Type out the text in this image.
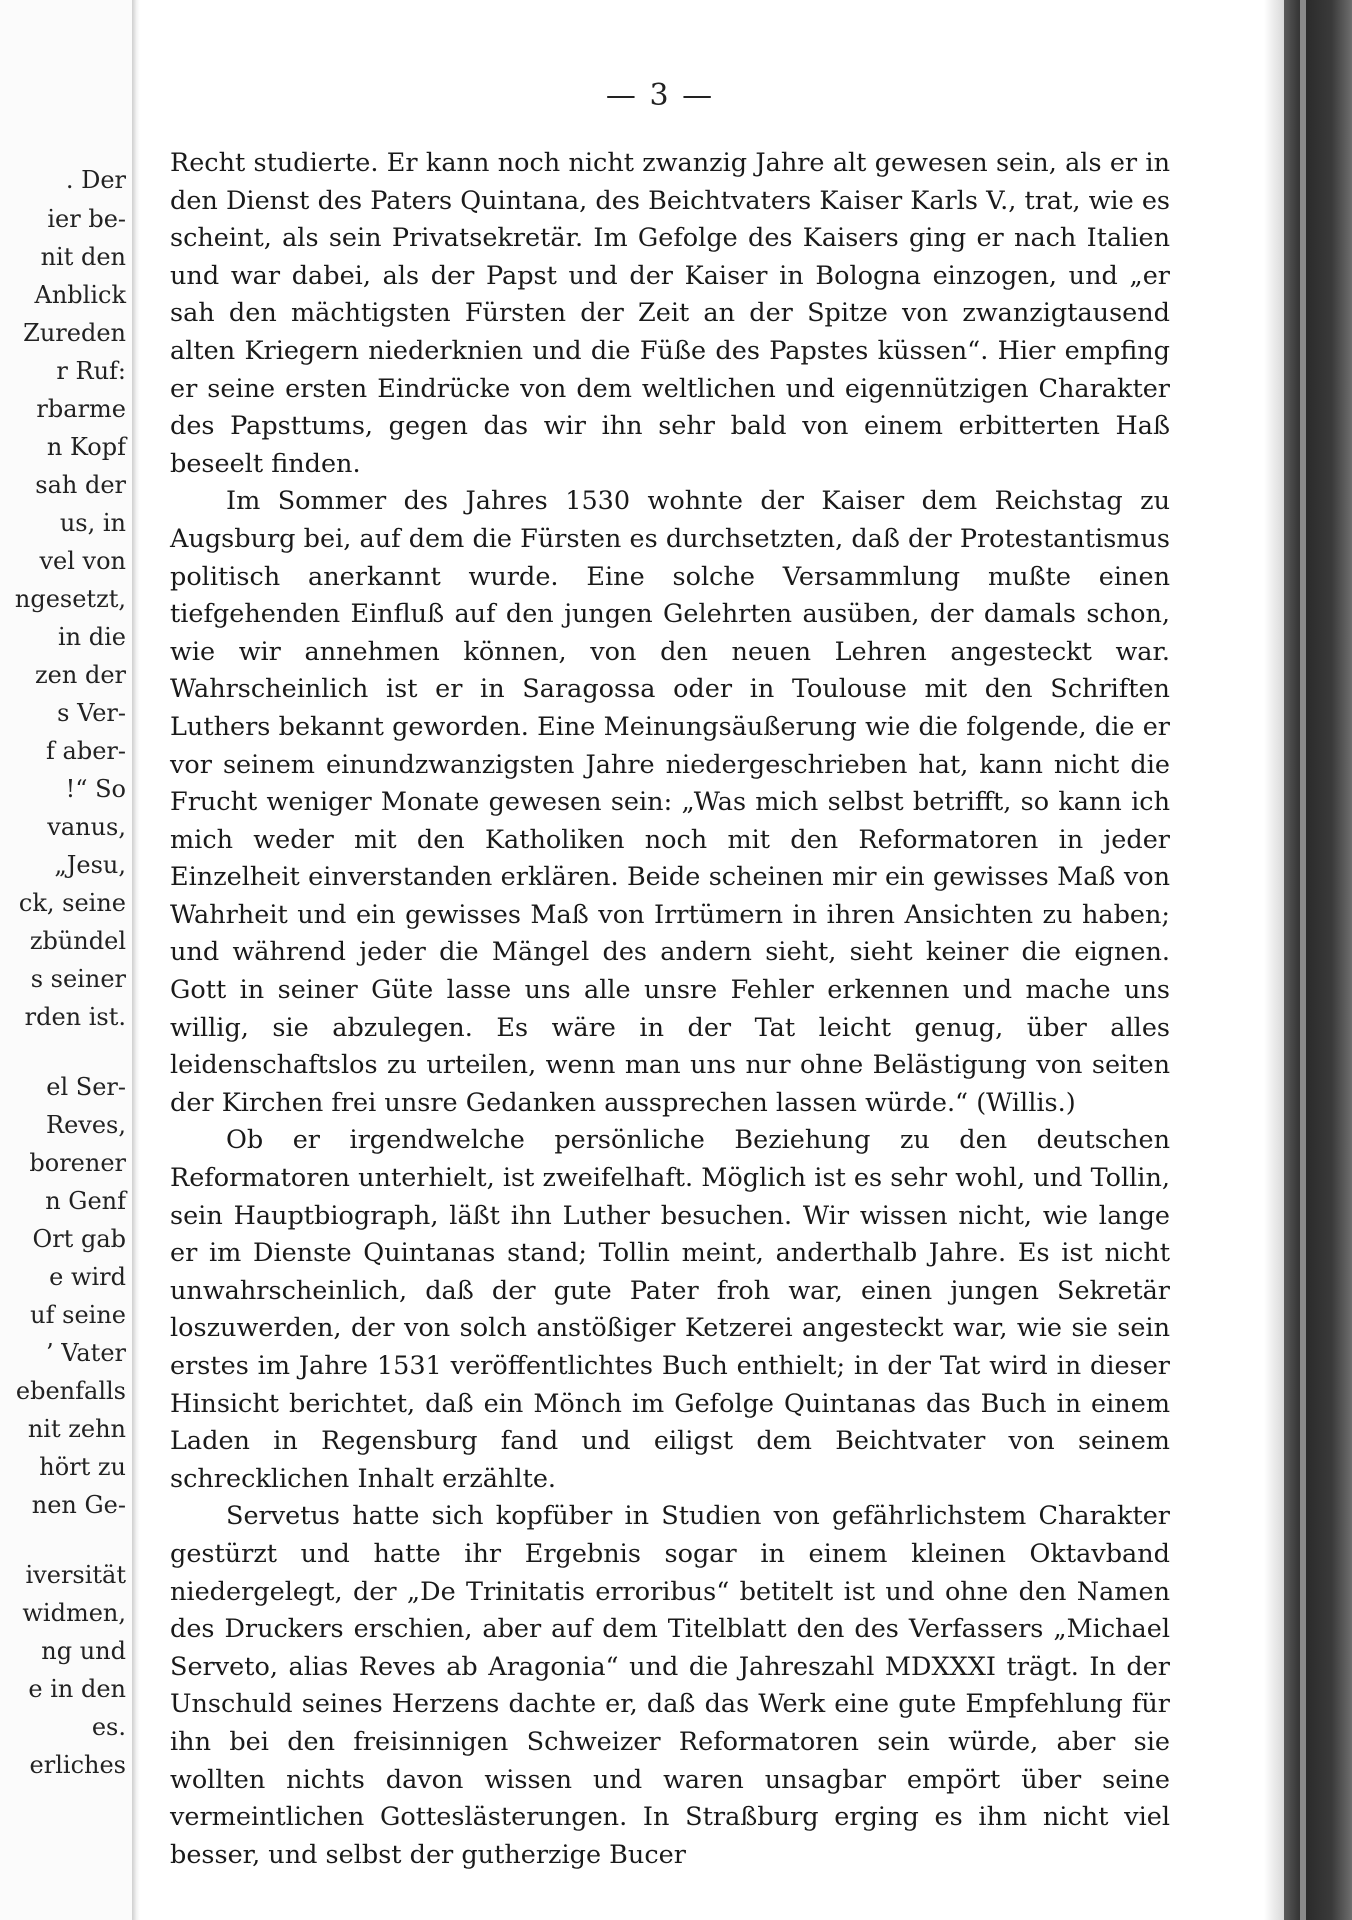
. Der
ier be-
nit den
Anblick
Zureden
r Ruf:
rbarme
n Kopf
sah der
us, in
vel von
ngesetzt,
in die
zen der
s Ver-
f aber-
!“ So
vanus,
„Jesu,
ck, seine
zbündel
s seiner
rden ist.
el Ser-
Reves,
borener
n Genf
Ort gab
e wird
uf seine
’ Vater
ebenfalls
nit zehn
hört zu
nen Ge-
iversität
widmen,
ng und
e in den
es.
erliches
— 3 —

Recht studierte. Er kann noch nicht zwanzig Jahre alt gewesen sein, als er in den Dienst des Paters Quintana, des Beichtvaters Kaiser Karls V., trat, wie es scheint, als sein Privatsekretär. Im Gefolge des Kaisers ging er nach Italien und war dabei, als der Papst und der Kaiser in Bologna einzogen, und „er sah den mächtigsten Fürsten der Zeit an der Spitze von zwanzigtausend alten Kriegern niederknien und die Füße des Papstes küssen“. Hier empfing er seine ersten Eindrücke von dem weltlichen und eigennützigen Charakter des Papsttums, gegen das wir ihn sehr bald von einem erbitterten Haß beseelt finden.

Im Sommer des Jahres 1530 wohnte der Kaiser dem Reichstag zu Augsburg bei, auf dem die Fürsten es durchsetzten, daß der Protestantismus politisch anerkannt wurde. Eine solche Versammlung mußte einen tiefgehenden Einfluß auf den jungen Gelehrten ausüben, der damals schon, wie wir annehmen können, von den neuen Lehren angesteckt war. Wahrscheinlich ist er in Saragossa oder in Toulouse mit den Schriften Luthers bekannt geworden. Eine Meinungsäußerung wie die folgende, die er vor seinem einundzwanzigsten Jahre niedergeschrieben hat, kann nicht die Frucht weniger Monate gewesen sein: „Was mich selbst betrifft, so kann ich mich weder mit den Katholiken noch mit den Reformatoren in jeder Einzelheit einverstanden erklären. Beide scheinen mir ein gewisses Maß von Wahrheit und ein gewisses Maß von Irrtümern in ihren Ansichten zu haben; und während jeder die Mängel des andern sieht, sieht keiner die eignen. Gott in seiner Güte lasse uns alle unsre Fehler erkennen und mache uns willig, sie abzulegen. Es wäre in der Tat leicht genug, über alles leidenschaftslos zu urteilen, wenn man uns nur ohne Belästigung von seiten der Kirchen frei unsre Gedanken aussprechen lassen würde.“ (Willis.)

Ob er irgendwelche persönliche Beziehung zu den deutschen Reformatoren unterhielt, ist zweifelhaft. Möglich ist es sehr wohl, und Tollin, sein Hauptbiograph, läßt ihn Luther besuchen. Wir wissen nicht, wie lange er im Dienste Quintanas stand; Tollin meint, anderthalb Jahre. Es ist nicht unwahrscheinlich, daß der gute Pater froh war, einen jungen Sekretär loszuwerden, der von solch anstößiger Ketzerei angesteckt war, wie sie sein erstes im Jahre 1531 veröffentlichtes Buch enthielt; in der Tat wird in dieser Hinsicht berichtet, daß ein Mönch im Gefolge Quintanas das Buch in einem Laden in Regensburg fand und eiligst dem Beichtvater von seinem schrecklichen Inhalt erzählte.

Servetus hatte sich kopfüber in Studien von gefährlichstem Charakter gestürzt und hatte ihr Ergebnis sogar in einem kleinen Oktavband niedergelegt, der „De Trinitatis erroribus“ betitelt ist und ohne den Namen des Druckers erschien, aber auf dem Titelblatt den des Verfassers „Michael Serveto, alias Reves ab Aragonia“ und die Jahreszahl MDXXXI trägt. In der Unschuld seines Herzens dachte er, daß das Werk eine gute Empfehlung für ihn bei den freisinnigen Schweizer Reformatoren sein würde, aber sie wollten nichts davon wissen und waren unsagbar empört über seine vermeintlichen Gotteslästerungen. In Straßburg erging es ihm nicht viel besser, und selbst der gutherzige Bucer
